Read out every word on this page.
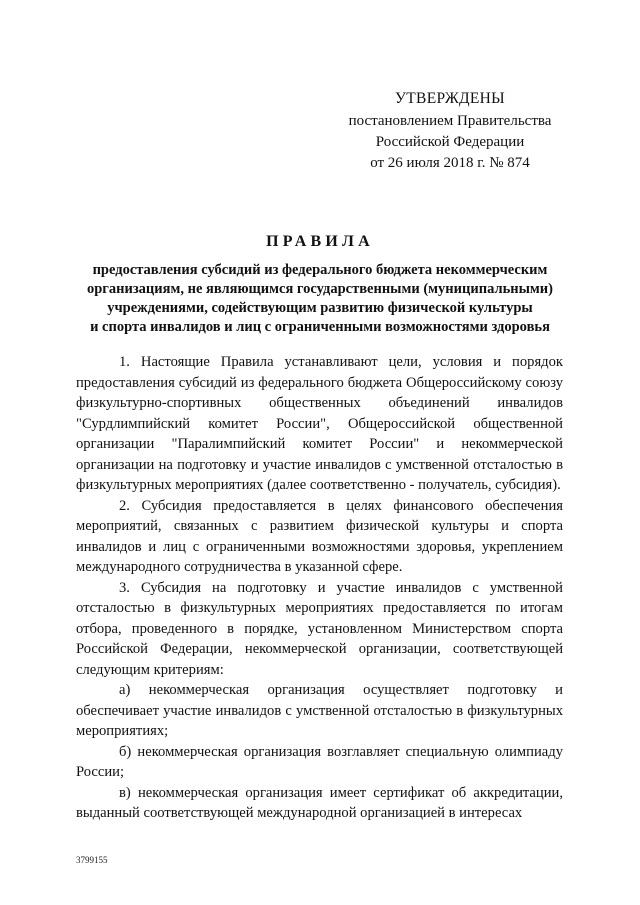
УТВЕРЖДЕНЫ
постановлением Правительства
Российской Федерации
от 26 июля 2018 г. № 874
ПРАВИЛА
предоставления субсидий из федерального бюджета некоммерческим
организациям, не являющимся государственными (муниципальными)
учреждениями, содействующим развитию физической культуры
и спорта инвалидов и лиц с ограниченными возможностями здоровья

1. Настоящие Правила устанавливают цели, условия и порядок предоставления субсидий из федерального бюджета Общероссийскому союзу физкультурно-спортивных общественных объединений инвалидов "Сурдлимпийский комитет России", Общероссийской общественной организации "Паралимпийский комитет России" и некоммерческой организации на подготовку и участие инвалидов с умственной отсталостью в физкультурных мероприятиях (далее соответственно - получатель, субсидия).

2. Субсидия предоставляется в целях финансового обеспечения мероприятий, связанных с развитием физической культуры и спорта инвалидов и лиц с ограниченными возможностями здоровья, укреплением международного сотрудничества в указанной сфере.

3. Субсидия на подготовку и участие инвалидов с умственной отсталостью в физкультурных мероприятиях предоставляется по итогам отбора, проведенного в порядке, установленном Министерством спорта Российской Федерации, некоммерческой организации, соответствующей следующим критериям:

а) некоммерческая организация осуществляет подготовку и обеспечивает участие инвалидов с умственной отсталостью в физкультурных мероприятиях;

б) некоммерческая организация возглавляет специальную олимпиаду России;

в) некоммерческая организация имеет сертификат об аккредитации, выданный соответствующей международной организацией в интересах

3799155
